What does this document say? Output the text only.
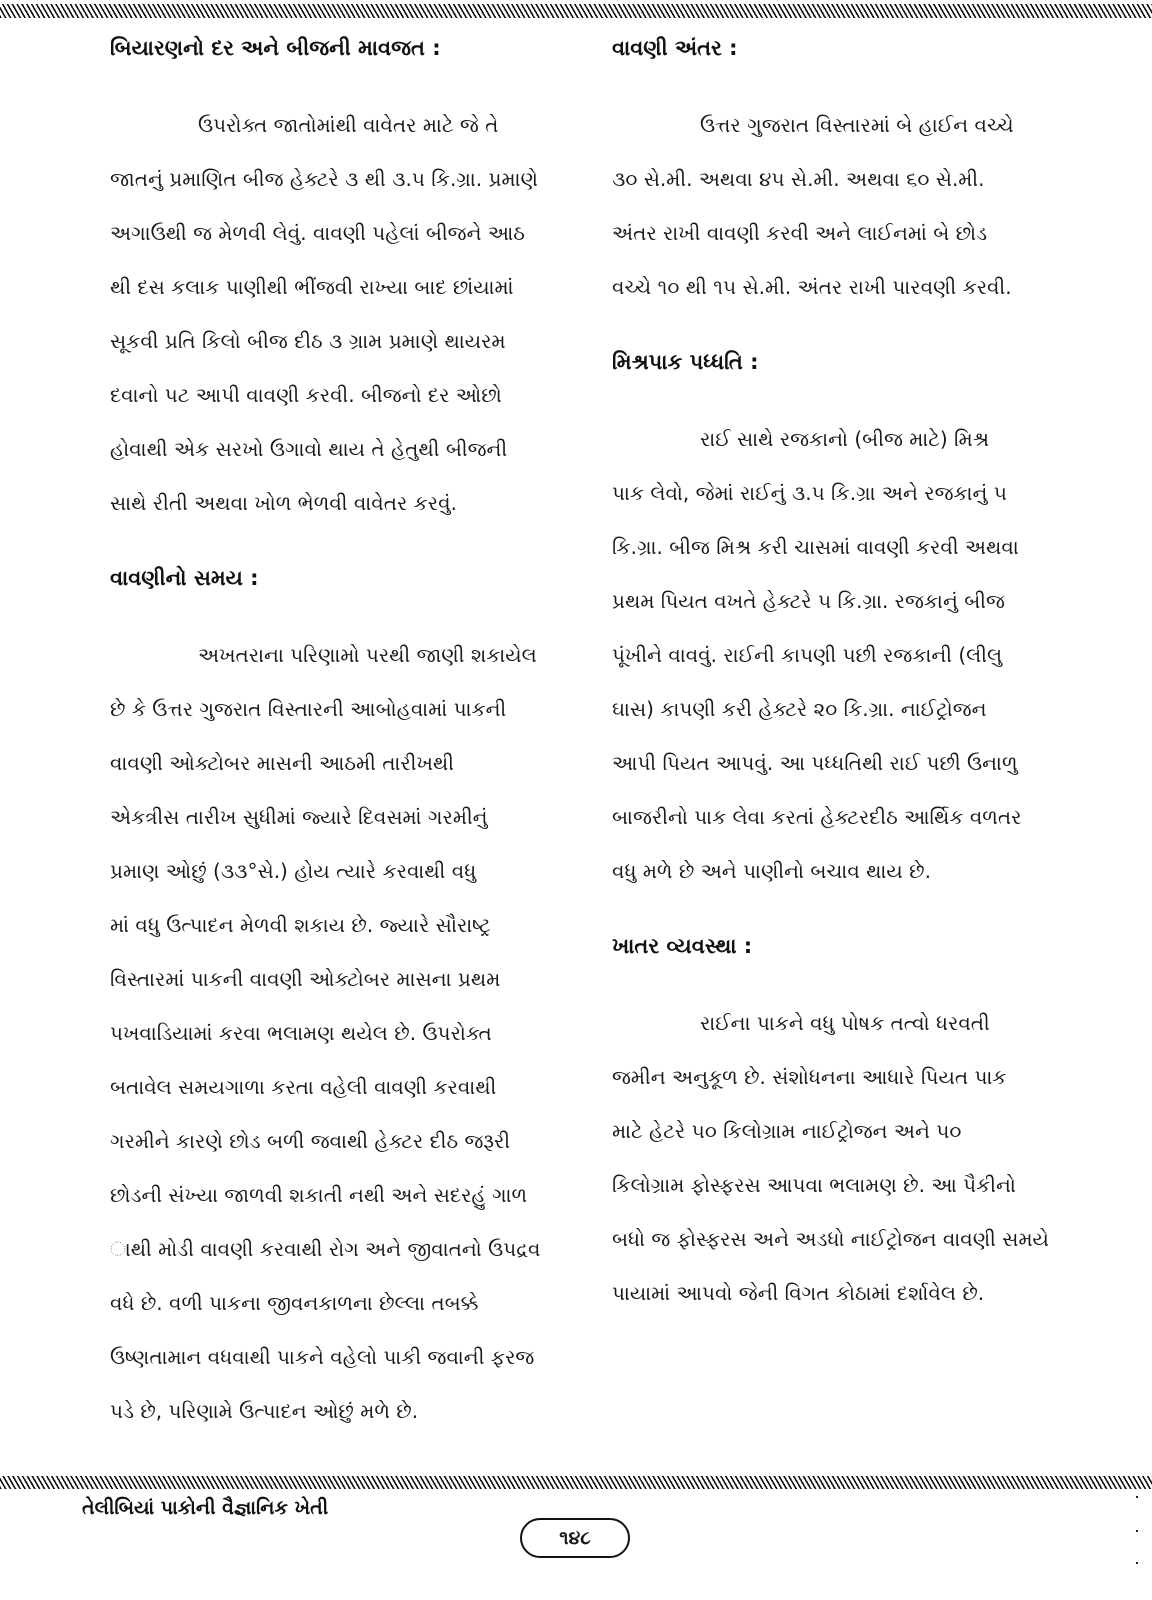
બિયારણનો દર અને બીજની માવજત :

ઉપરોક્ત જાતોમાંથી વાવેતર માટે જે તે
જાતનું પ્રમાણિત બીજ હેક્ટરે ૩ થી ૩.૫ કિ.ગ્રા. પ્રમાણે
અગાઉથી જ મેળવી લેવું. વાવણી પહેલાં બીજને આઠ
થી દસ કલાક પાણીથી ભીંજવી રાખ્યા બાદ છાંયામાં
સૂકવી પ્રતિ કિલો બીજ દીઠ ૩ ગ્રામ પ્રમાણે થાયરમ
દવાનો પટ આપી વાવણી કરવી. બીજનો દર ઓછો
હોવાથી એક સરખો ઉગાવો થાય તે હેતુથી બીજની
સાથે રીતી અથવા ખોળ ભેળવી વાવેતર કરવું.

વાવણીનો સમય :

અખતરાના પરિણામો પરથી જાણી શકાયેલ
છે કે ઉત્તર ગુજરાત વિસ્તારની આબોહવામાં પાકની
વાવણી ઓક્ટોબર માસની આઠમી તારીખથી
એકત્રીસ તારીખ સુધીમાં જ્યારે દિવસમાં ગરમીનું
પ્રમાણ ઓછું (૩૩°સે.) હોય ત્યારે કરવાથી વધુ
માં વધુ ઉત્પાદન મેળવી શકાય છે. જ્યારે સૌરાષ્ટ્ર
વિસ્તારમાં પાકની વાવણી ઓક્ટોબર માસના પ્રથમ
પખવાડિયામાં કરવા ભલામણ થયેલ છે. ઉપરોક્ત
બતાવેલ સમયગાળા કરતા વહેલી વાવણી કરવાથી
ગરમીને કારણે છોડ બળી જવાથી હેક્ટર દીઠ જરૂરી
છોડની સંખ્યા જાળવી શકાતી નથી અને સદરહું ગાળ
ાથી મોડી વાવણી કરવાથી રોગ અને જીવાતનો ઉપદ્રવ
વધે છે. વળી પાકના જીવનકાળના છેલ્લા તબક્કે
ઉષ્ણતામાન વધવાથી પાકને વહેલો પાકી જવાની ફરજ
પડે છે, પરિણામે ઉત્પાદન ઓછું મળે છે.

વાવણી અંતર :

ઉત્તર ગુજરાત વિસ્તારમાં બે હાઈન વચ્ચે
૩૦ સે.મી. અથવા ૪૫ સે.મી. અથવા ૬૦ સે.મી.
અંતર રાખી વાવણી કરવી અને લાઈનમાં બે છોડ
વચ્ચે ૧૦ થી ૧૫ સે.મી. અંતર રાખી પારવણી કરવી.

મિશ્રપાક પધ્ધતિ :

રાઈ સાથે રજકાનો (બીજ માટે) મિશ્ર
પાક લેવો, જેમાં રાઈનું ૩.૫ કિ.ગ્રા અને રજકાનું ૫
કિ.ગ્રા. બીજ મિશ્ર કરી ચાસમાં વાવણી કરવી અથવા
પ્રથમ પિયત વખતે હેક્ટરે ૫ કિ.ગ્રા. રજકાનું બીજ
પૂંખીને વાવવું. રાઈની કાપણી પછી રજકાની (લીલુ
ઘાસ) કાપણી કરી હેક્ટરે ૨૦ કિ.ગ્રા. નાઈટ્રોજન
આપી પિયત આપવું. આ પધ્ધતિથી રાઈ પછી ઉનાળુ
બાજરીનો પાક લેવા કરતાં હેક્ટરદીઠ આર્થિક વળતર
વધુ મળે છે અને પાણીનો બચાવ થાય છે.

ખાતર વ્યવસ્થા :

રાઈના પાકને વધુ પોષક તત્વો ધરવતી
જમીન અનુકૂળ છે. સંશોધનના આધારે પિયત પાક
માટે હેટરે ૫૦ કિલોગ્રામ નાઈટ્રોજન અને ૫૦
કિલોગ્રામ ફોસ્ફરસ આપવા ભલામણ છે. આ પૈકીનો
બધો જ ફોસ્ફરસ અને અડધો નાઈટ્રોજન વાવણી સમયે
પાયામાં આપવો જેની વિગત કોઠામાં દર્શાવેલ છે.

તેલીબિયાં પાકોની વૈજ્ઞાનિક ખેતી
૧૪૮
